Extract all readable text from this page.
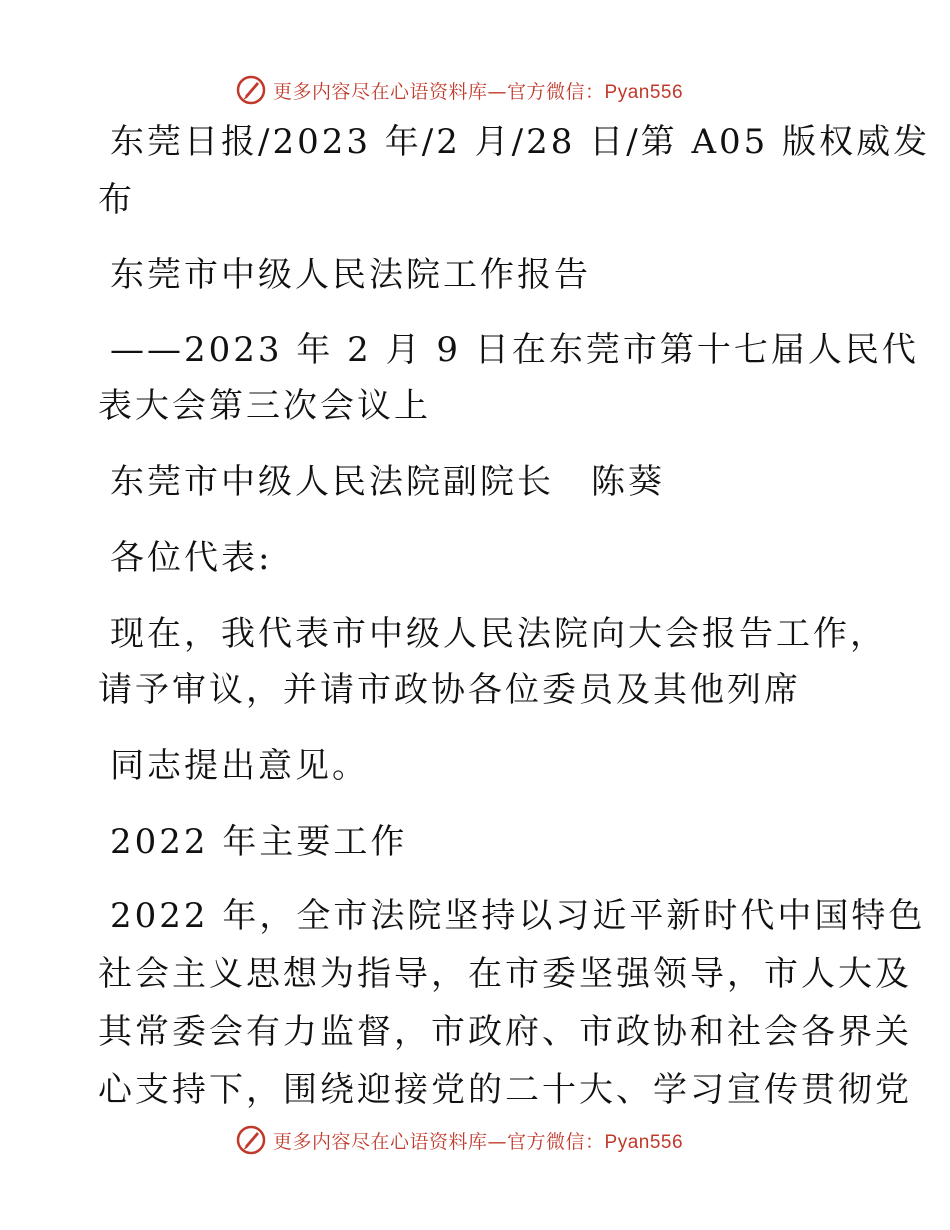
更多内容尽在心语资料库—官方微信：Pyan556
东莞日报/2023 年/2 月/28 日/第 A05 版权威发
布
东莞市中级人民法院工作报告
——2023 年 2 月 9 日在东莞市第十七届人民代
表大会第三次会议上
东莞市中级人民法院副院长　陈葵
各位代表:
现在，我代表市中级人民法院向大会报告工作，
请予审议，并请市政协各位委员及其他列席
同志提出意见。
2022 年主要工作
2022 年，全市法院坚持以习近平新时代中国特色
社会主义思想为指导，在市委坚强领导，市人大及
其常委会有力监督，市政府、市政协和社会各界关
心支持下，围绕迎接党的二十大、学习宣传贯彻党
更多内容尽在心语资料库—官方微信：Pyan556
